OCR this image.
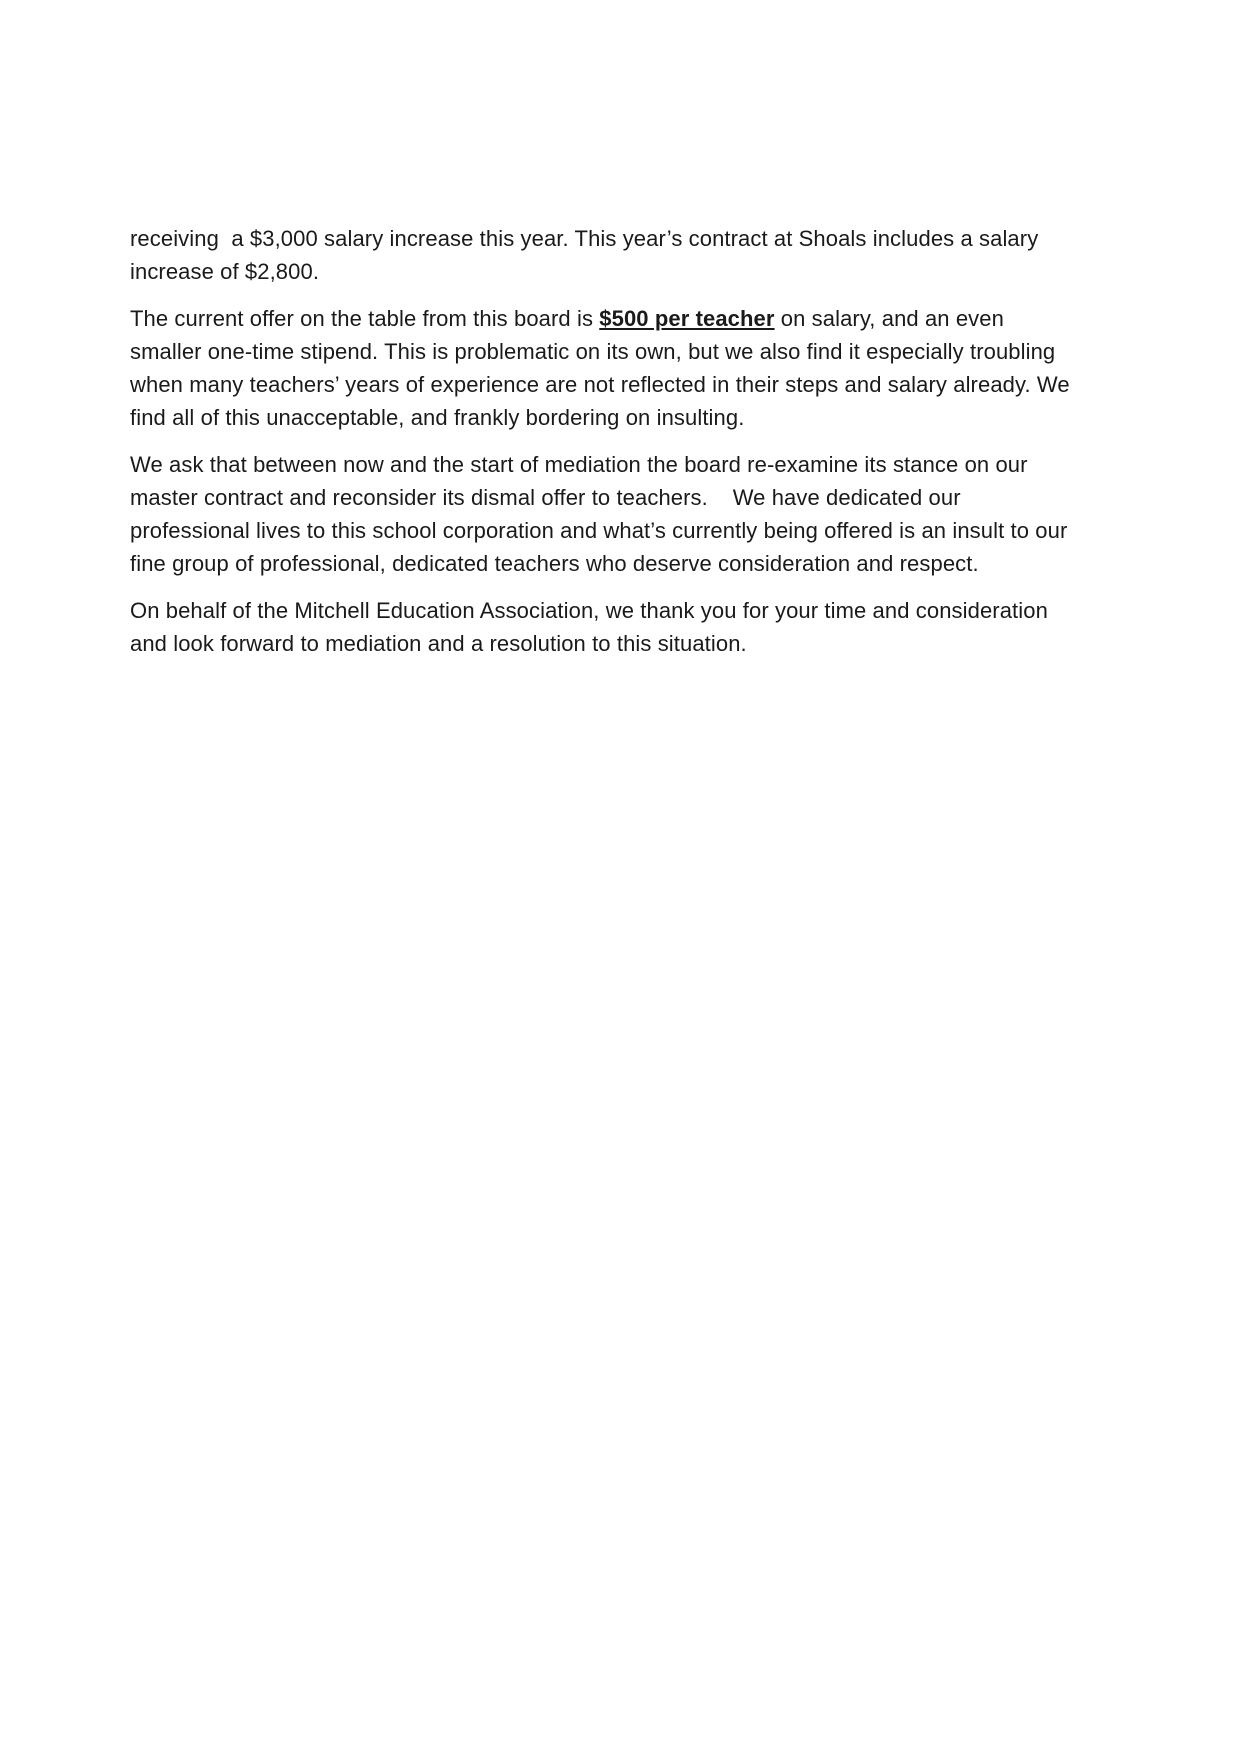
receiving  a $3,000 salary increase this year. This year’s contract at Shoals includes a salary increase of $2,800.

The current offer on the table from this board is $500 per teacher on salary, and an even smaller one-time stipend. This is problematic on its own, but we also find it especially troubling when many teachers’ years of experience are not reflected in their steps and salary already. We find all of this unacceptable, and frankly bordering on insulting.

We ask that between now and the start of mediation the board re-examine its stance on our master contract and reconsider its dismal offer to teachers.    We have dedicated our professional lives to this school corporation and what’s currently being offered is an insult to our fine group of professional, dedicated teachers who deserve consideration and respect.

On behalf of the Mitchell Education Association, we thank you for your time and consideration and look forward to mediation and a resolution to this situation.
